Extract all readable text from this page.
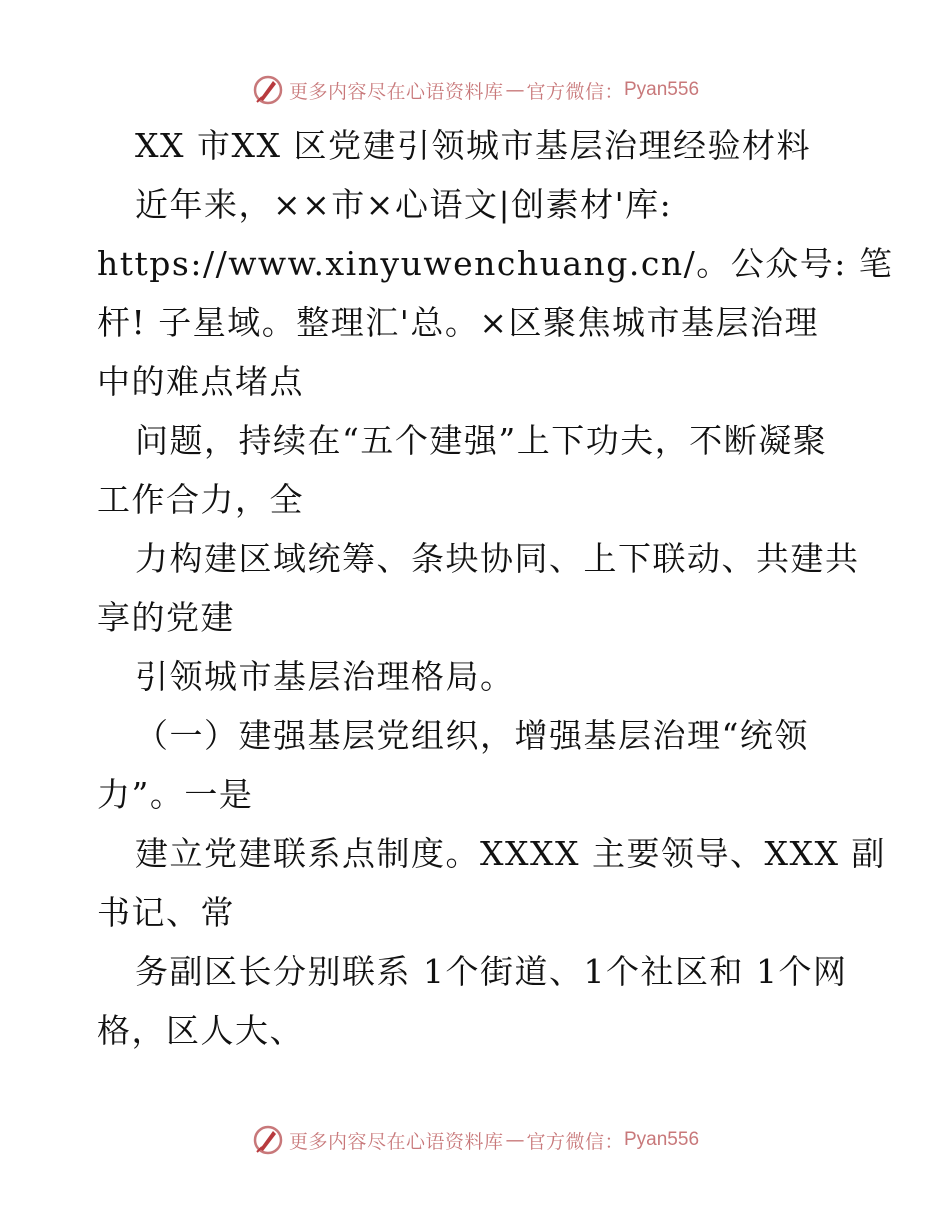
更多内容尽在心语资料库 — 官方微信： Pyan556
XX 市XX 区党建引领城市基层治理经验材料
近年来，××市×心语文|创素材'库:
https://www.xinyuwenchuang.cn/。公众号: 笔
杆! 子星域。整理汇'总。×区聚焦城市基层治理
中的难点堵点
问题，持续在“五个建强”上下功夫，不断凝聚
工作合力，全
力构建区域统筹、条块协同、上下联动、共建共
享的党建
引领城市基层治理格局。
（一）建强基层党组织，增强基层治理“统领
力”。一是
建立党建联系点制度。XXXX 主要领导、XXX 副
书记、常
务副区长分别联系 1个街道、1个社区和 1个网
格，区人大、
更多内容尽在心语资料库 — 官方微信： Pyan556
